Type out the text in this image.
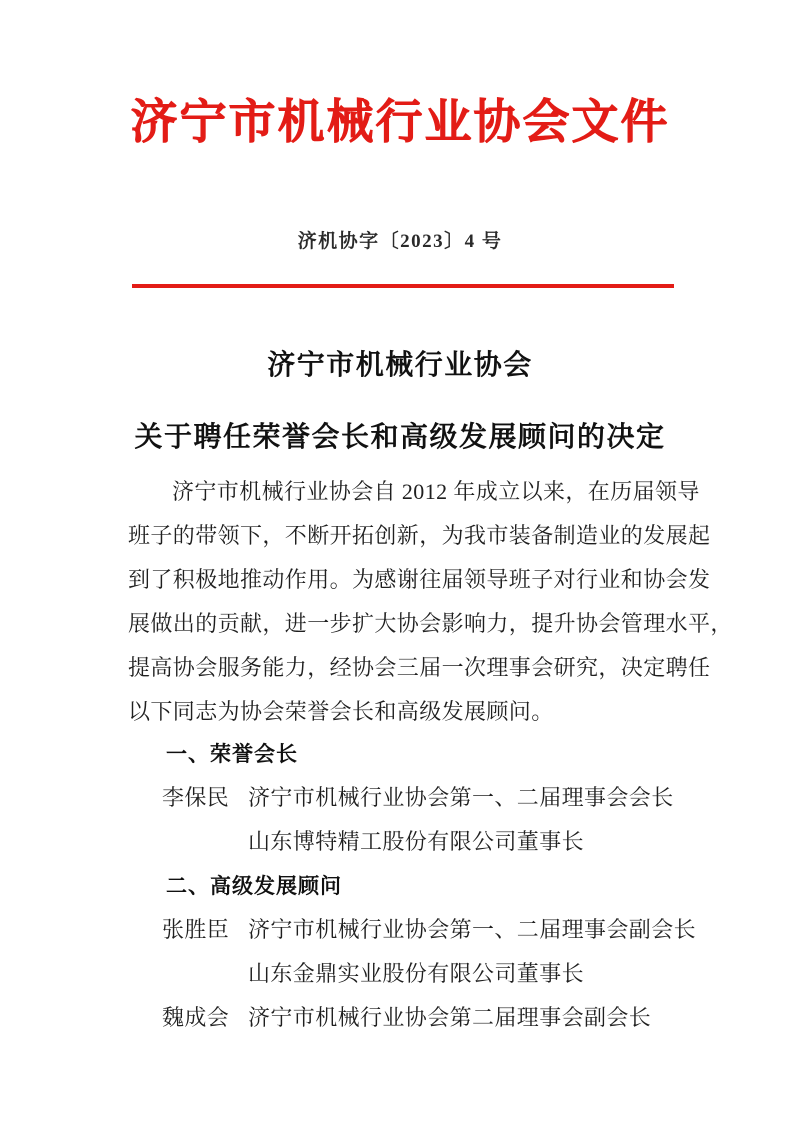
济宁市机械行业协会文件
济机协字〔2023〕4 号
济宁市机械行业协会
关于聘任荣誉会长和高级发展顾问的决定
济宁市机械行业协会自 2012 年成立以来，在历届领导
班子的带领下，不断开拓创新，为我市装备制造业的发展起
到了积极地推动作用。为感谢往届领导班子对行业和协会发
展做出的贡献，进一步扩大协会影响力，提升协会管理水平，
提高协会服务能力，经协会三届一次理事会研究，决定聘任
以下同志为协会荣誉会长和高级发展顾问。
一、荣誉会长
李保民 济宁市机械行业协会第一、二届理事会会长
山东博特精工股份有限公司董事长
二、高级发展顾问
张胜臣 济宁市机械行业协会第一、二届理事会副会长
山东金鼎实业股份有限公司董事长
魏成会 济宁市机械行业协会第二届理事会副会长
